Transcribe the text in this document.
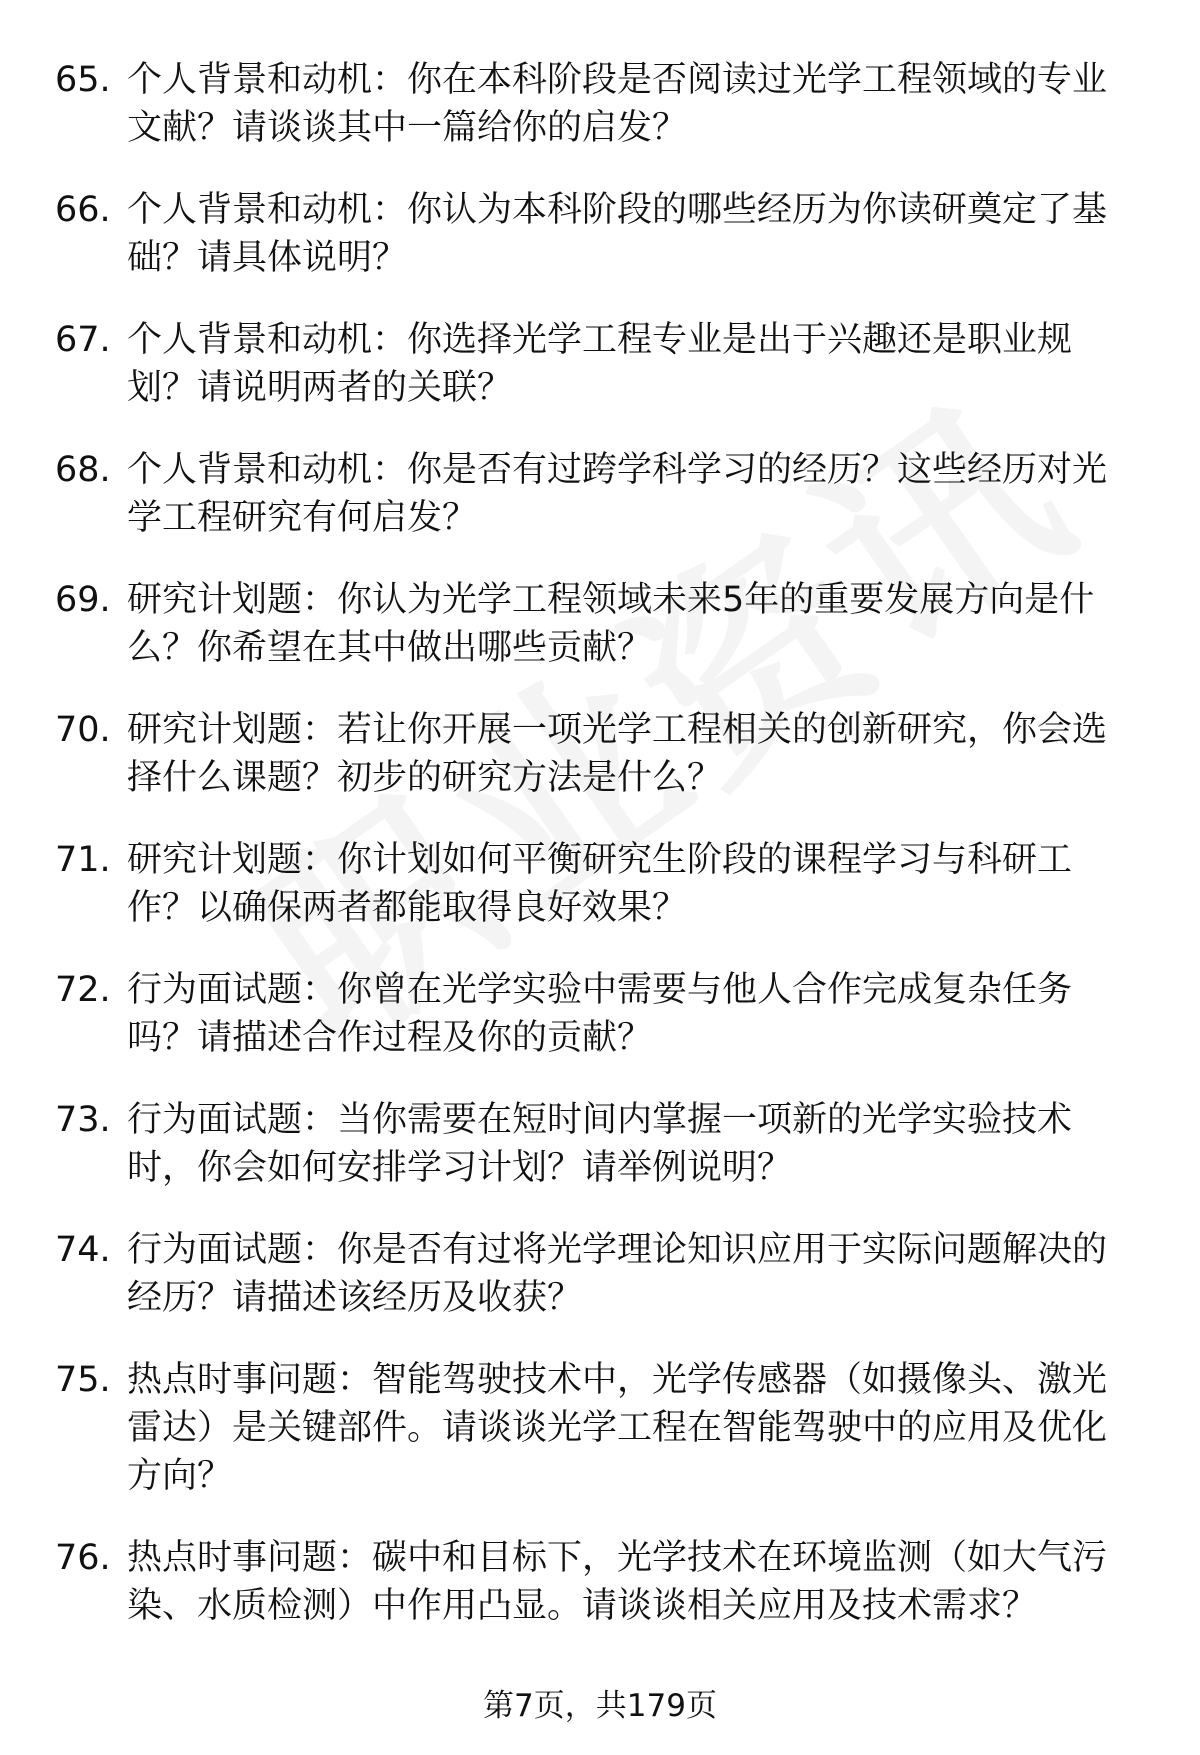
65. 个人背景和动机：你在本科阶段是否阅读过光学工程领域的专业文献？请谈谈其中一篇给你的启发？
66. 个人背景和动机：你认为本科阶段的哪些经历为你读研奠定了基础？请具体说明？
67. 个人背景和动机：你选择光学工程专业是出于兴趣还是职业规划？请说明两者的关联？
68. 个人背景和动机：你是否有过跨学科学习的经历？这些经历对光学工程研究有何启发？
69. 研究计划题：你认为光学工程领域未来5年的重要发展方向是什么？你希望在其中做出哪些贡献？
70. 研究计划题：若让你开展一项光学工程相关的创新研究，你会选择什么课题？初步的研究方法是什么？
71. 研究计划题：你计划如何平衡研究生阶段的课程学习与科研工作？以确保两者都能取得良好效果？
72. 行为面试题：你曾在光学实验中需要与他人合作完成复杂任务吗？请描述合作过程及你的贡献？
73. 行为面试题：当你需要在短时间内掌握一项新的光学实验技术时，你会如何安排学习计划？请举例说明？
74. 行为面试题：你是否有过将光学理论知识应用于实际问题解决的经历？请描述该经历及收获？
75. 热点时事问题：智能驾驶技术中，光学传感器（如摄像头、激光雷达）是关键部件。请谈谈光学工程在智能驾驶中的应用及优化方向？
76. 热点时事问题：碳中和目标下，光学技术在环境监测（如大气污染、水质检测）中作用凸显。请谈谈相关应用及技术需求？
第7页，共179页
